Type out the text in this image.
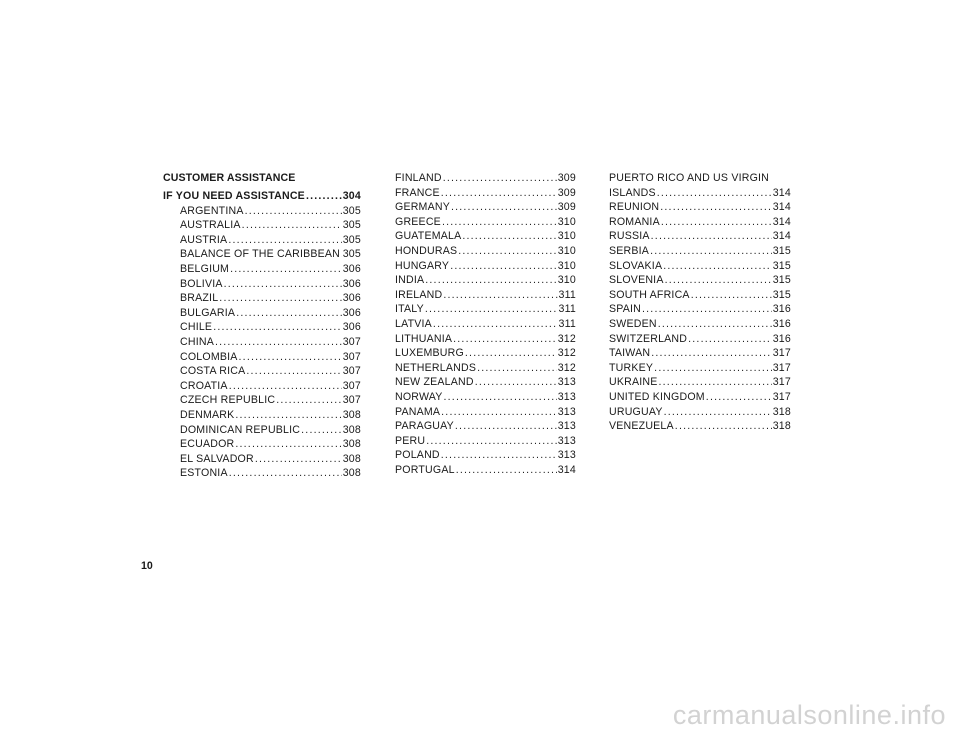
CUSTOMER ASSISTANCE
IF YOU NEED ASSISTANCE .....	304
ARGENTINA .....	305
AUSTRALIA .....	305
AUSTRIA .....	305
BALANCE OF THE CARIBBEAN ..... 305
BELGIUM .....	306
BOLIVIA .....	306
BRAZIL .....	306
BULGARIA .....	306
CHILE .....	306
CHINA .....	307
COLOMBIA .....	307
COSTA RICA .....	307
CROATIA .....	307
CZECH REPUBLIC .....	307
DENMARK .....	308
DOMINICAN REPUBLIC .....	308
ECUADOR .....	308
EL SALVADOR .....	308
ESTONIA .....	308
FINLAND .....	309
FRANCE .....	309
GERMANY .....	309
GREECE .....	310
GUATEMALA .....	310
HONDURAS .....	310
HUNGARY .....	310
INDIA .....	310
IRELAND .....	311
ITALY .....	311
LATVIA .....	311
LITHUANIA .....	312
LUXEMBURG .....	312
NETHERLANDS .....	312
NEW ZEALAND .....	313
NORWAY .....	313
PANAMA .....	313
PARAGUAY .....	313
PERU .....	313
POLAND .....	313
PORTUGAL .....	314
PUERTO RICO AND US VIRGIN
ISLANDS .....	314
REUNION .....	314
ROMANIA .....	314
RUSSIA .....	314
SERBIA .....	315
SLOVAKIA .....	315
SLOVENIA .....	315
SOUTH AFRICA .....	315
SPAIN .....	316
SWEDEN .....	316
SWITZERLAND .....	316
TAIWAN .....	317
TURKEY .....	317
UKRAINE .....	317
UNITED KINGDOM .....	317
URUGUAY .....	318
VENEZUELA .....	318
10
carmanualsonline.info
